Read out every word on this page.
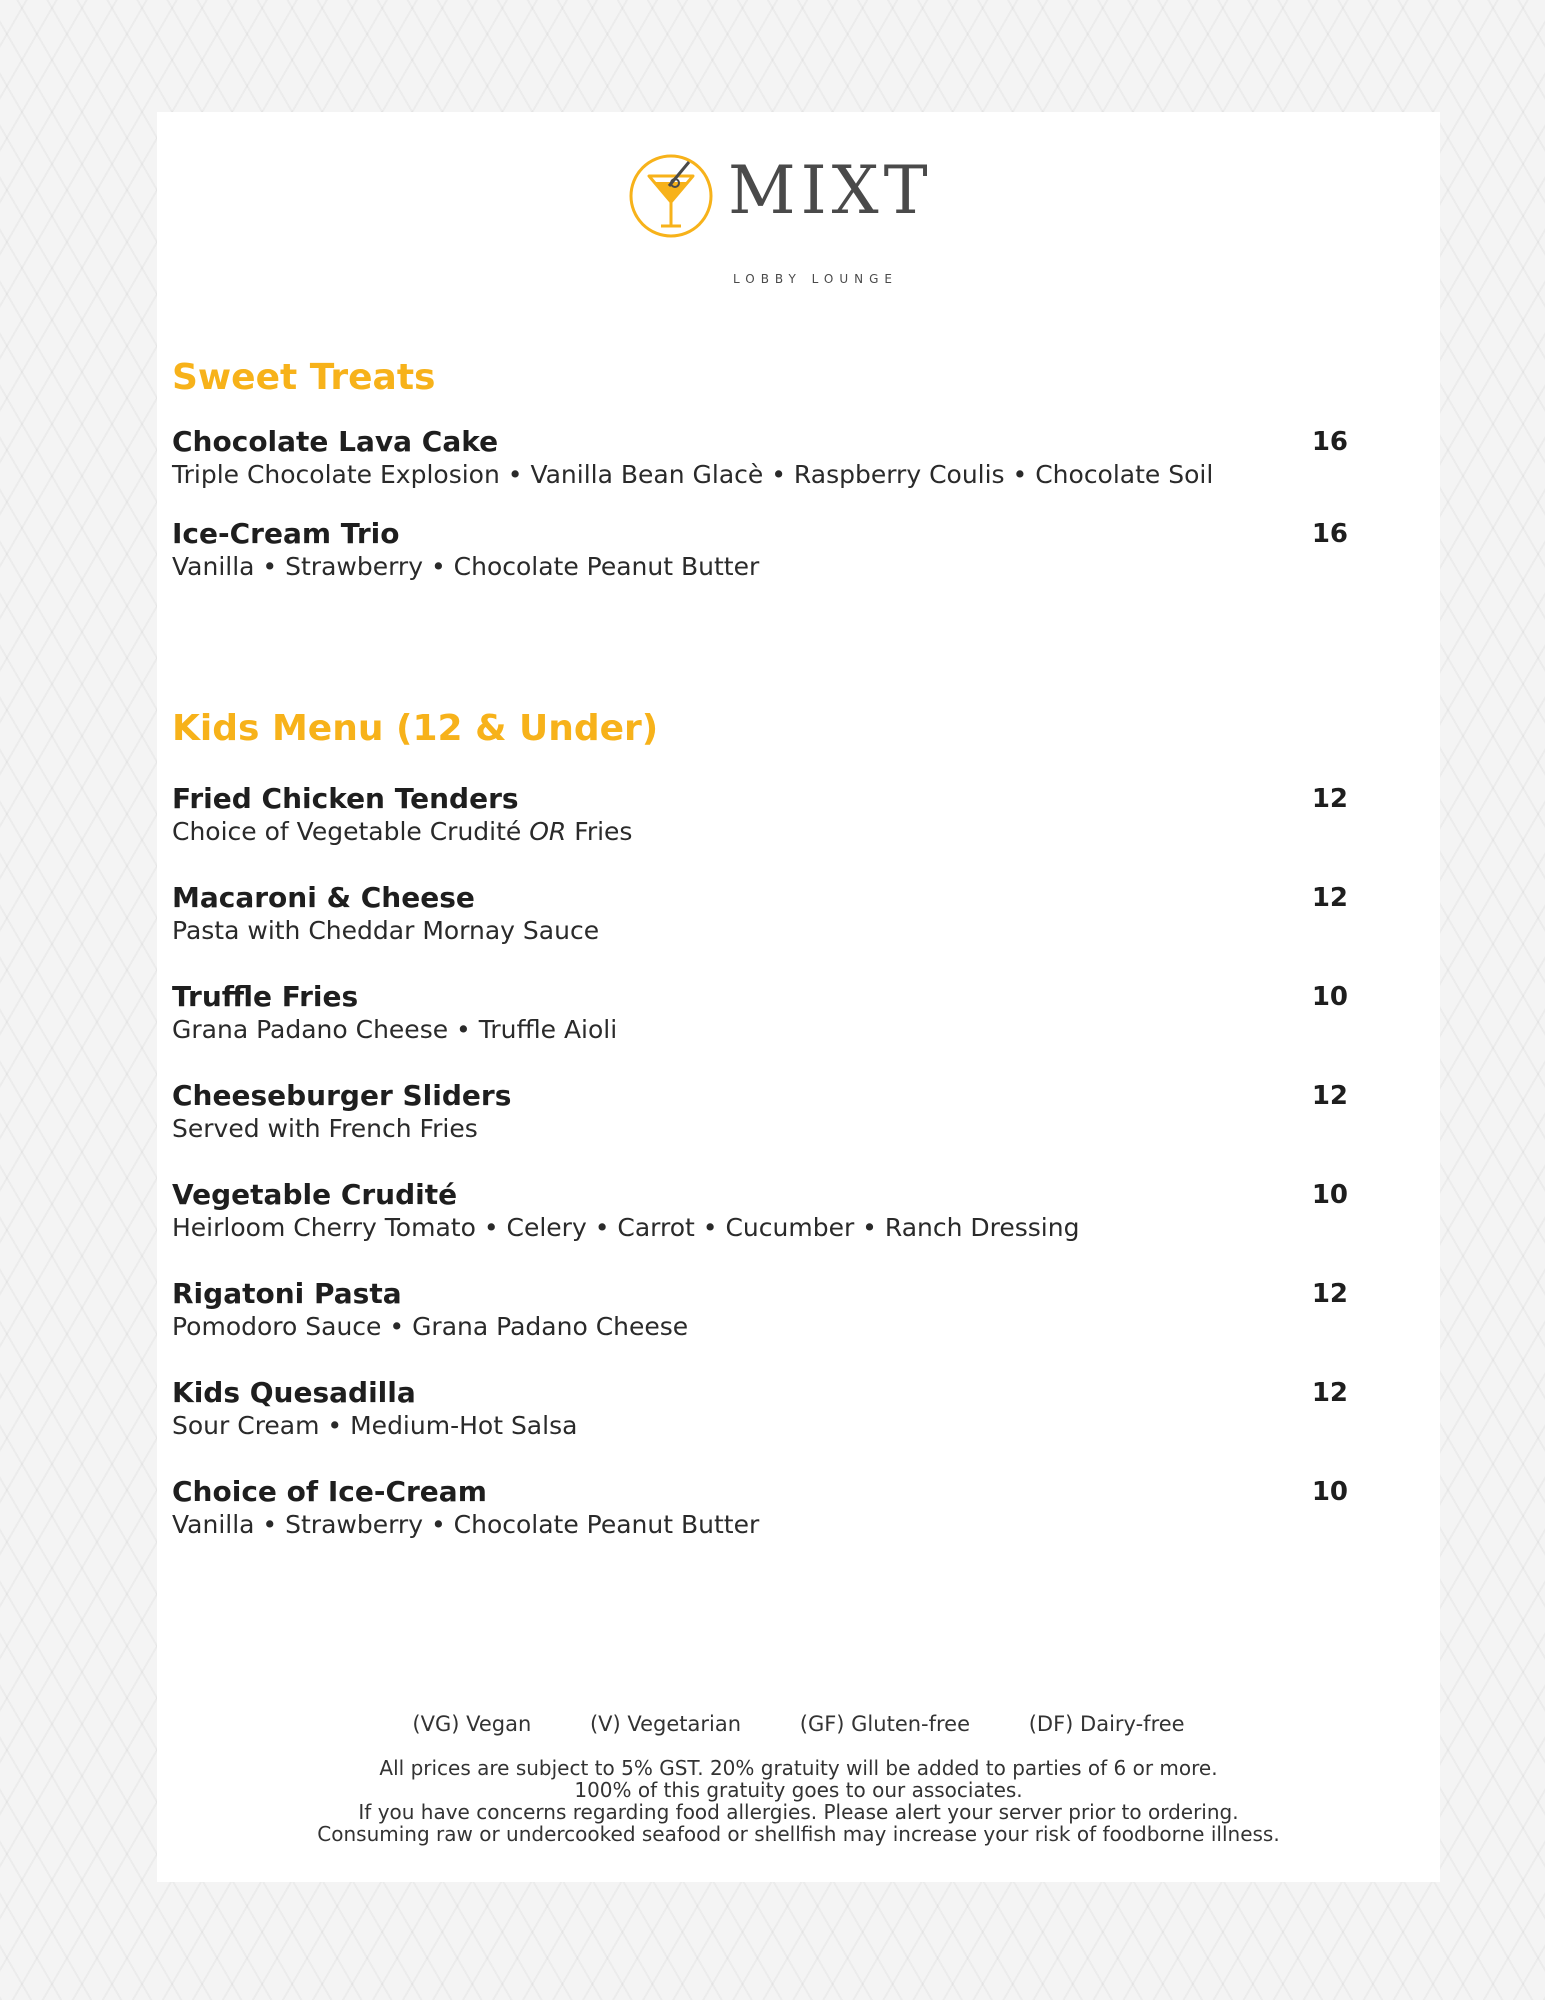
MIXT
LOBBY LOUNGE
Sweet Treats
Chocolate Lava Cake
Triple Chocolate Explosion • Vanilla Bean Glacè • Raspberry Coulis • Chocolate Soil
16
Ice-Cream Trio
Vanilla • Strawberry • Chocolate Peanut Butter
16
Kids Menu (12 & Under)
Fried Chicken Tenders
Choice of Vegetable Crudité OR Fries
12
Macaroni & Cheese
Pasta with Cheddar Mornay Sauce
12
Truffle Fries
Grana Padano Cheese • Truffle Aioli
10
Cheeseburger Sliders
Served with French Fries
12
Vegetable Crudité
Heirloom Cherry Tomato • Celery • Carrot • Cucumber • Ranch Dressing
10
Rigatoni Pasta
Pomodoro Sauce • Grana Padano Cheese
12
Kids Quesadilla
Sour Cream • Medium-Hot Salsa
12
Choice of Ice-Cream
Vanilla • Strawberry • Chocolate Peanut Butter
10
(VG) Vegan	(V) Vegetarian	(GF) Gluten-free	(DF) Dairy-free
All prices are subject to 5% GST. 20% gratuity will be added to parties of 6 or more.
100% of this gratuity goes to our associates.
If you have concerns regarding food allergies. Please alert your server prior to ordering.
Consuming raw or undercooked seafood or shellfish may increase your risk of foodborne illness.
